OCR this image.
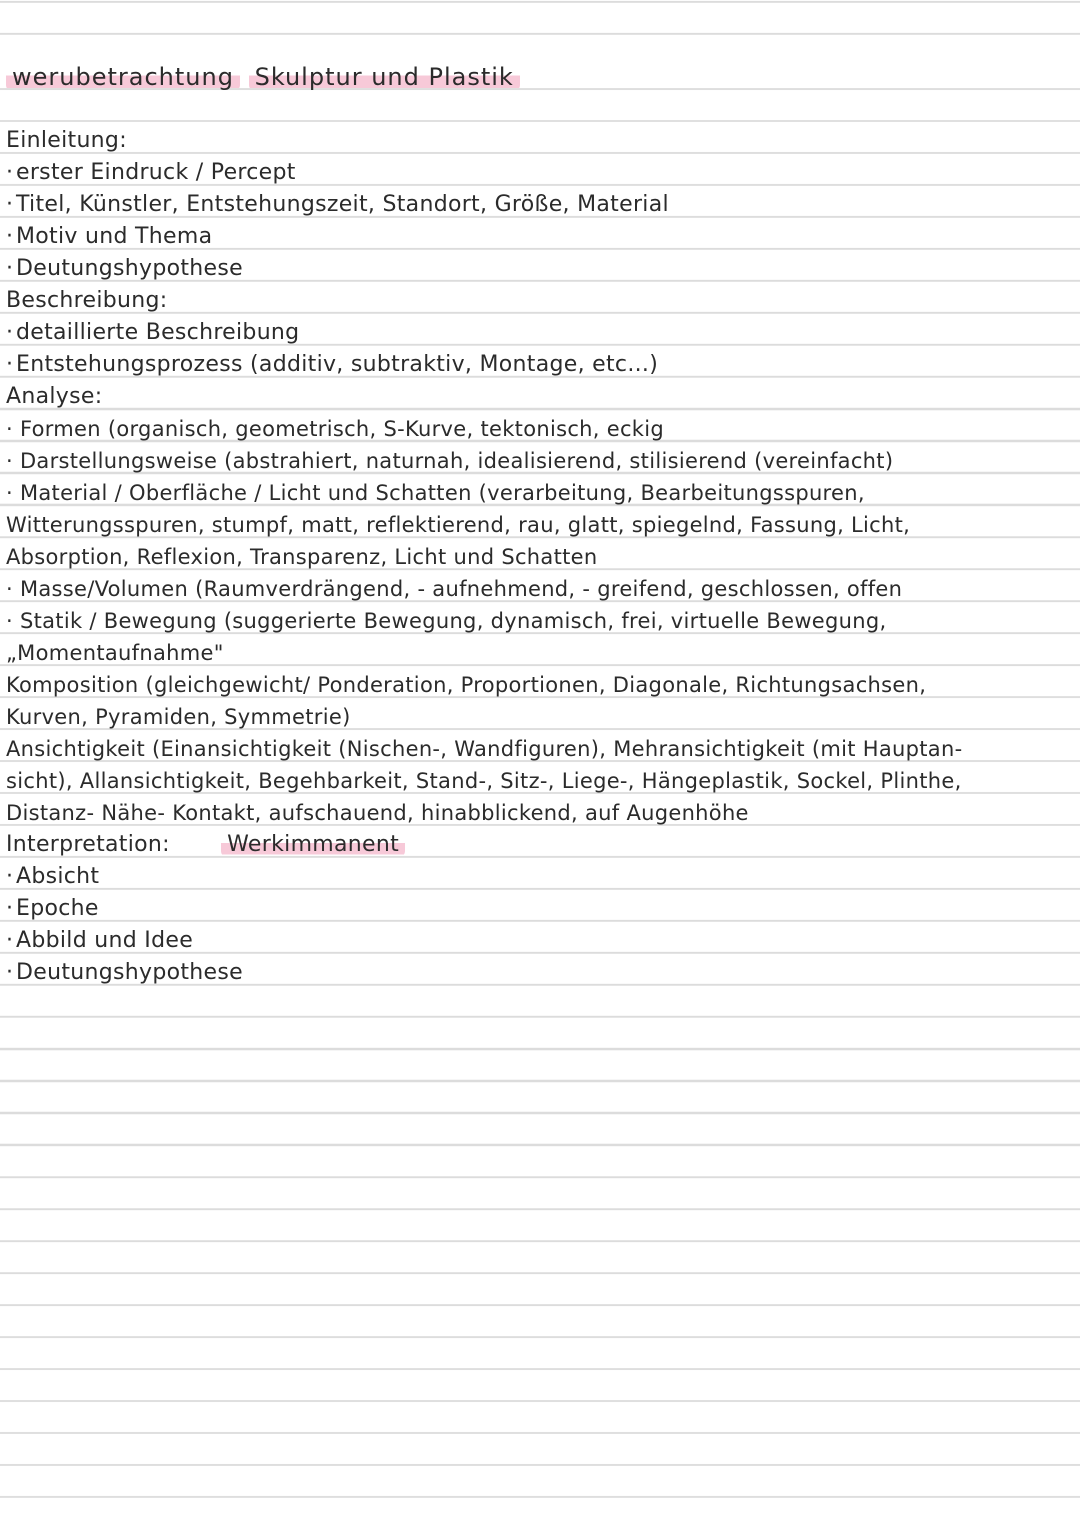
werubetrachtung Skulptur und Plastik
Einleitung:
· erster Eindruck / Percept
· Titel, Künstler, Entstehungszeit, Standort, Größe, Material
· Motiv und Thema
· Deutungshypothese
Beschreibung:
· detaillierte Beschreibung
· Entstehungsprozess (additiv, subtraktiv, Montage, etc...)
Analyse:
· Formen (organisch, geometrisch, S-Kurve, tektonisch, eckig
· Darstellungsweise (abstrahiert, naturnah, idealisierend, stilisierend (vereinfacht)
· Material / Oberfläche / Licht und Schatten (verarbeitung, Bearbeitungsspuren,
Witterungsspuren, stumpf, matt, reflektierend, rau, glatt, spiegelnd, Fassung, Licht,
Absorption, Reflexion, Transparenz, Licht und Schatten
· Masse/Volumen (Raumverdrängend, - aufnehmend, - greifend, geschlossen, offen
· Statik / Bewegung (suggerierte Bewegung, dynamisch, frei, virtuelle Bewegung,
„Momentaufnahme"
Komposition (gleichgewicht/ Ponderation, Proportionen, Diagonale, Richtungsachsen,
Kurven, Pyramiden, Symmetrie)
Ansichtigkeit (Einansichtigkeit (Nischen-, Wandfiguren), Mehransichtigkeit (mit Hauptan-
sicht), Allansichtigkeit, Begehbarkeit, Stand-, Sitz-, Liege-, Hängeplastik, Sockel, Plinthe,
Distanz- Nähe- Kontakt, aufschauend, hinabblickend, auf Augenhöhe
Interpretation:	Werkimmanent
· Absicht
· Epoche
· Abbild und Idee
· Deutungshypothese
